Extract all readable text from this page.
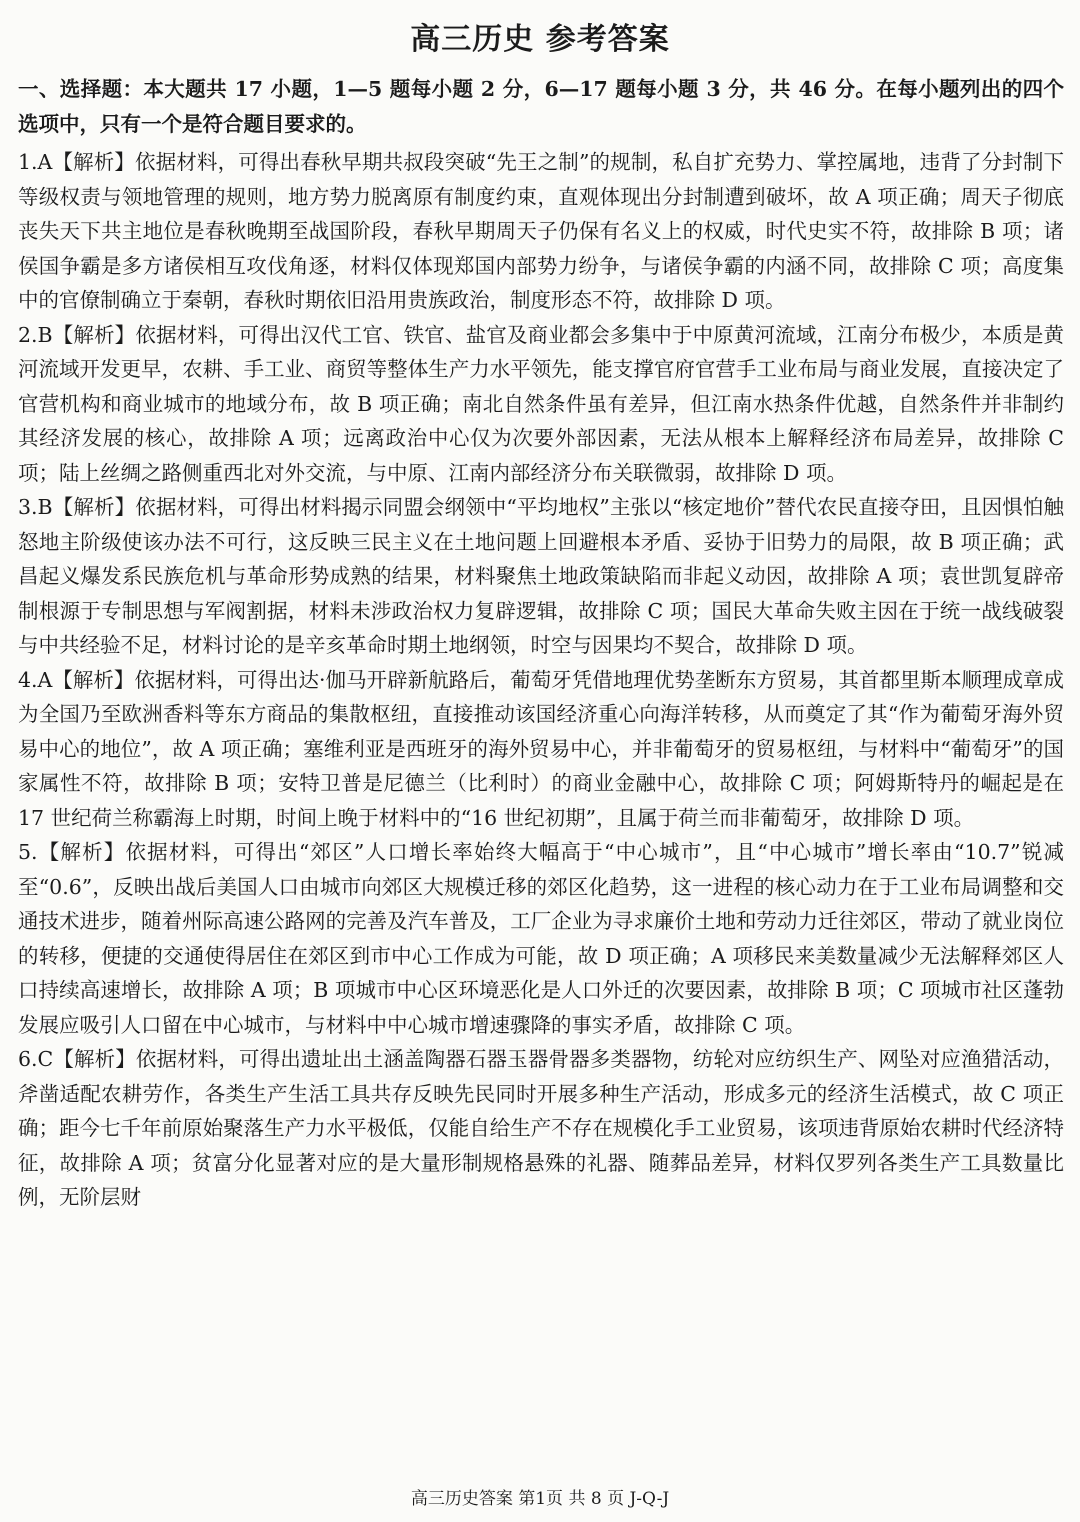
高三历史 参考答案
一、选择题：本大题共 17 小题，1—5 题每小题 2 分，6—17 题每小题 3 分，共 46 分。在每小题列出的四个选项中，只有一个是符合题目要求的。

1.A【解析】依据材料，可得出春秋早期共叔段突破“先王之制”的规制，私自扩充势力、掌控属地，违背了分封制下等级权责与领地管理的规则，地方势力脱离原有制度约束，直观体现出分封制遭到破坏，故 A 项正确；周天子彻底丧失天下共主地位是春秋晚期至战国阶段，春秋早期周天子仍保有名义上的权威，时代史实不符，故排除 B 项；诸侯国争霸是多方诸侯相互攻伐角逐，材料仅体现郑国内部势力纷争，与诸侯争霸的内涵不同，故排除 C 项；高度集中的官僚制确立于秦朝，春秋时期依旧沿用贵族政治，制度形态不符，故排除 D 项。

2.B【解析】依据材料，可得出汉代工官、铁官、盐官及商业都会多集中于中原黄河流域，江南分布极少，本质是黄河流域开发更早，农耕、手工业、商贸等整体生产力水平领先，能支撑官府官营手工业布局与商业发展，直接决定了官营机构和商业城市的地域分布，故 B 项正确；南北自然条件虽有差异，但江南水热条件优越，自然条件并非制约其经济发展的核心，故排除 A 项；远离政治中心仅为次要外部因素，无法从根本上解释经济布局差异，故排除 C 项；陆上丝绸之路侧重西北对外交流，与中原、江南内部经济分布关联微弱，故排除 D 项。

3.B【解析】依据材料，可得出材料揭示同盟会纲领中“平均地权”主张以“核定地价”替代农民直接夺田，且因惧怕触怒地主阶级使该办法不可行，这反映三民主义在土地问题上回避根本矛盾、妥协于旧势力的局限，故 B 项正确；武昌起义爆发系民族危机与革命形势成熟的结果，材料聚焦土地政策缺陷而非起义动因，故排除 A 项；袁世凯复辟帝制根源于专制思想与军阀割据，材料未涉政治权力复辟逻辑，故排除 C 项；国民大革命失败主因在于统一战线破裂与中共经验不足，材料讨论的是辛亥革命时期土地纲领，时空与因果均不契合，故排除 D 项。

4.A【解析】依据材料，可得出达·伽马开辟新航路后，葡萄牙凭借地理优势垄断东方贸易，其首都里斯本顺理成章成为全国乃至欧洲香料等东方商品的集散枢纽，直接推动该国经济重心向海洋转移，从而奠定了其“作为葡萄牙海外贸易中心的地位”，故 A 项正确；塞维利亚是西班牙的海外贸易中心，并非葡萄牙的贸易枢纽，与材料中“葡萄牙”的国家属性不符，故排除 B 项；安特卫普是尼德兰（比利时）的商业金融中心，故排除 C 项；阿姆斯特丹的崛起是在 17 世纪荷兰称霸海上时期，时间上晚于材料中的“16 世纪初期”，且属于荷兰而非葡萄牙，故排除 D 项。

5.【解析】依据材料，可得出“郊区”人口增长率始终大幅高于“中心城市”，且“中心城市”增长率由“10.7”锐减至“0.6”，反映出战后美国人口由城市向郊区大规模迁移的郊区化趋势，这一进程的核心动力在于工业布局调整和交通技术进步，随着州际高速公路网的完善及汽车普及，工厂企业为寻求廉价土地和劳动力迁往郊区，带动了就业岗位的转移，便捷的交通使得居住在郊区到市中心工作成为可能，故 D 项正确；A 项移民来美数量减少无法解释郊区人口持续高速增长，故排除 A 项；B 项城市中心区环境恶化是人口外迁的次要因素，故排除 B 项；C 项城市社区蓬勃发展应吸引人口留在中心城市，与材料中中心城市增速骤降的事实矛盾，故排除 C 项。

6.C【解析】依据材料，可得出遗址出土涵盖陶器石器玉器骨器多类器物，纺轮对应纺织生产、网坠对应渔猎活动，斧凿适配农耕劳作，各类生产生活工具共存反映先民同时开展多种生产活动，形成多元的经济生活模式，故 C 项正确；距今七千年前原始聚落生产力水平极低，仅能自给生产不存在规模化手工业贸易，该项违背原始农耕时代经济特征，故排除 A 项；贫富分化显著对应的是大量形制规格悬殊的礼器、随葬品差异，材料仅罗列各类生产工具数量比例，无阶层财

高三历史答案 第1页 共 8 页 J-Q-J
